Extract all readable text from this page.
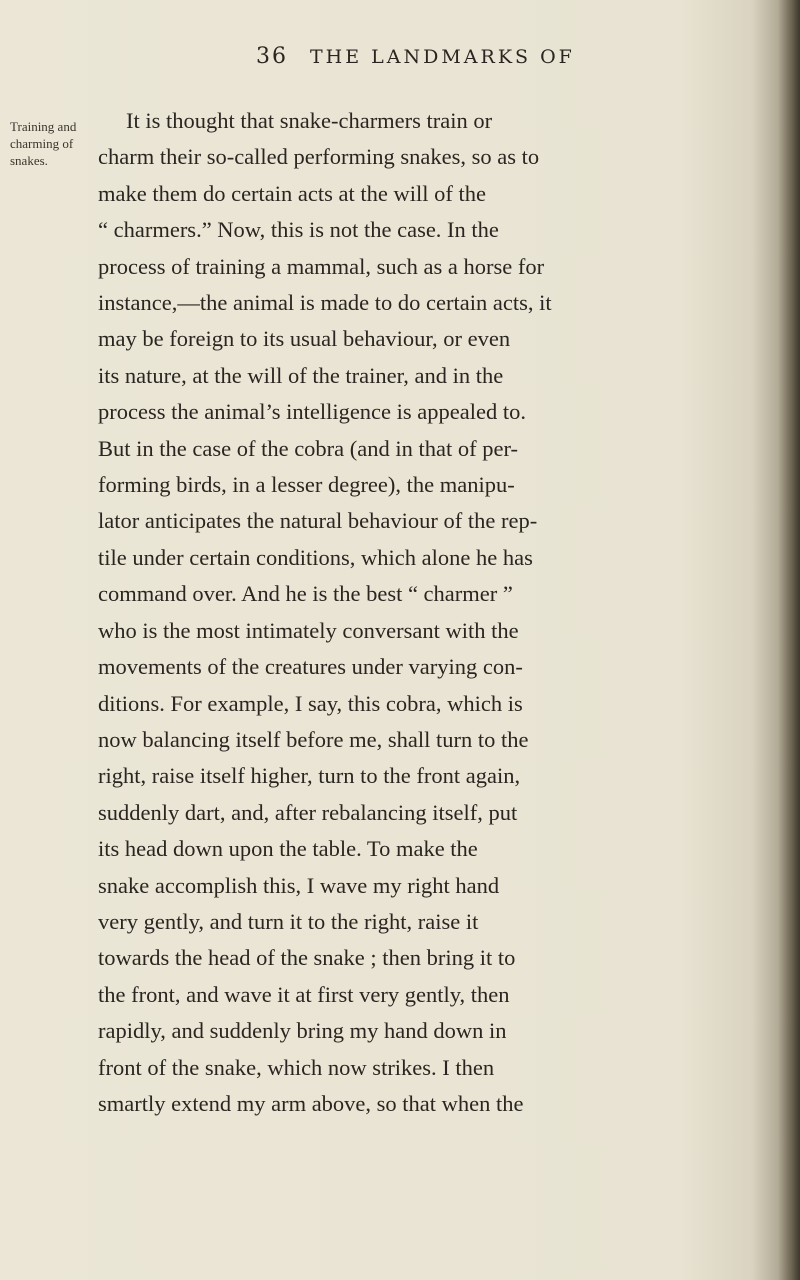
36 THE LANDMARKS OF
Training and
charming of
snakes.
It is thought that snake-charmers train or
charm their so-called performing snakes, so as to
make them do certain acts at the will of the
“ charmers.” Now, this is not the case. In the
process of training a mammal, such as a horse for
instance,—the animal is made to do certain acts, it
may be foreign to its usual behaviour, or even
its nature, at the will of the trainer, and in the
process the animal’s intelligence is appealed to.
But in the case of the cobra (and in that of per-
forming birds, in a lesser degree), the manipu-
lator anticipates the natural behaviour of the rep-
tile under certain conditions, which alone he has
command over. And he is the best “ charmer ”
who is the most intimately conversant with the
movements of the creatures under varying con-
ditions. For example, I say, this cobra, which is
now balancing itself before me, shall turn to the
right, raise itself higher, turn to the front again,
suddenly dart, and, after rebalancing itself, put
its head down upon the table. To make the
snake accomplish this, I wave my right hand
very gently, and turn it to the right, raise it
towards the head of the snake ; then bring it to
the front, and wave it at first very gently, then
rapidly, and suddenly bring my hand down in
front of the snake, which now strikes. I then
smartly extend my arm above, so that when the
